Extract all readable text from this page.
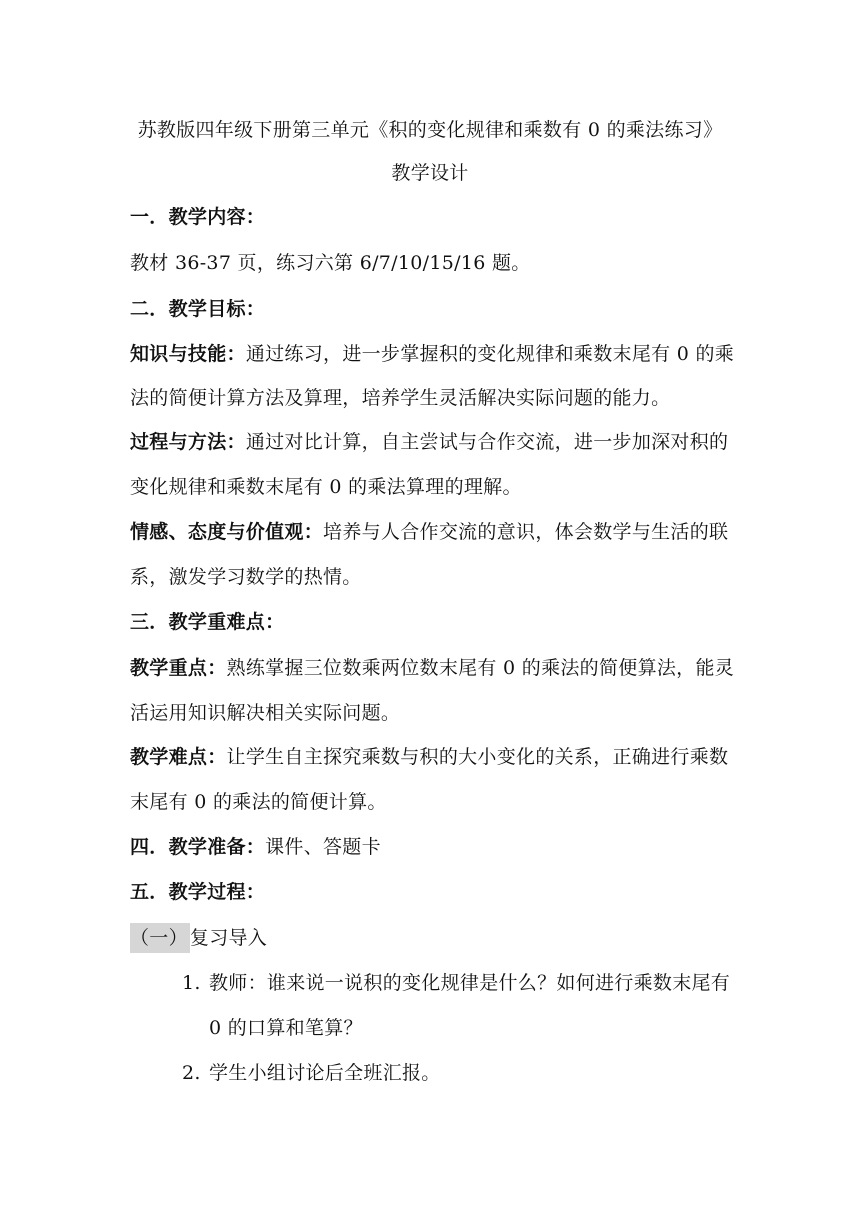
苏教版四年级下册第三单元《积的变化规律和乘数有 0 的乘法练习》
教学设计
一．教学内容：
教材 36-37 页，练习六第 6/7/10/15/16 题。
二．教学目标：
知识与技能：通过练习，进一步掌握积的变化规律和乘数末尾有 0 的乘
法的简便计算方法及算理，培养学生灵活解决实际问题的能力。
过程与方法：通过对比计算，自主尝试与合作交流，进一步加深对积的
变化规律和乘数末尾有 0 的乘法算理的理解。
情感、态度与价值观：培养与人合作交流的意识，体会数学与生活的联
系，激发学习数学的热情。
三．教学重难点：
教学重点：熟练掌握三位数乘两位数末尾有 0 的乘法的简便算法，能灵
活运用知识解决相关实际问题。
教学难点：让学生自主探究乘数与积的大小变化的关系，正确进行乘数
末尾有 0 的乘法的简便计算。
四．教学准备：课件、答题卡
五．教学过程：
（一） 复习导入
1. 教师：谁来说一说积的变化规律是什么？如何进行乘数末尾有
0 的口算和笔算？
2. 学生小组讨论后全班汇报。
